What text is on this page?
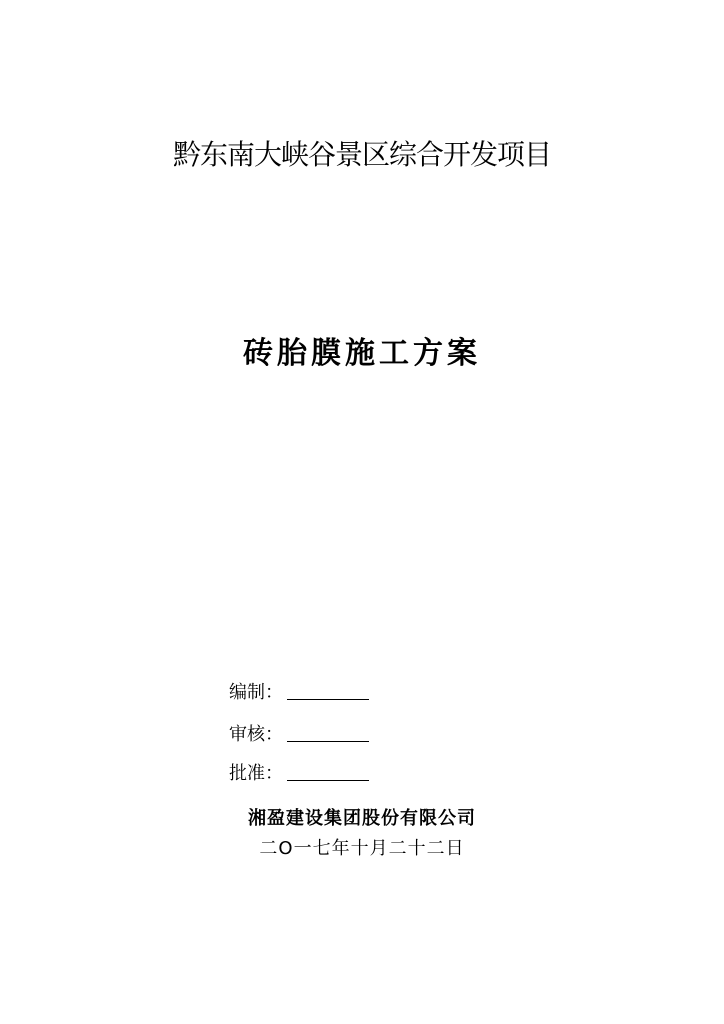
黔东南大峡谷景区综合开发项目
砖胎膜施工方案
编制：
审核：
批准：
湘盈建设集团股份有限公司
二O一七年十月二十二日
